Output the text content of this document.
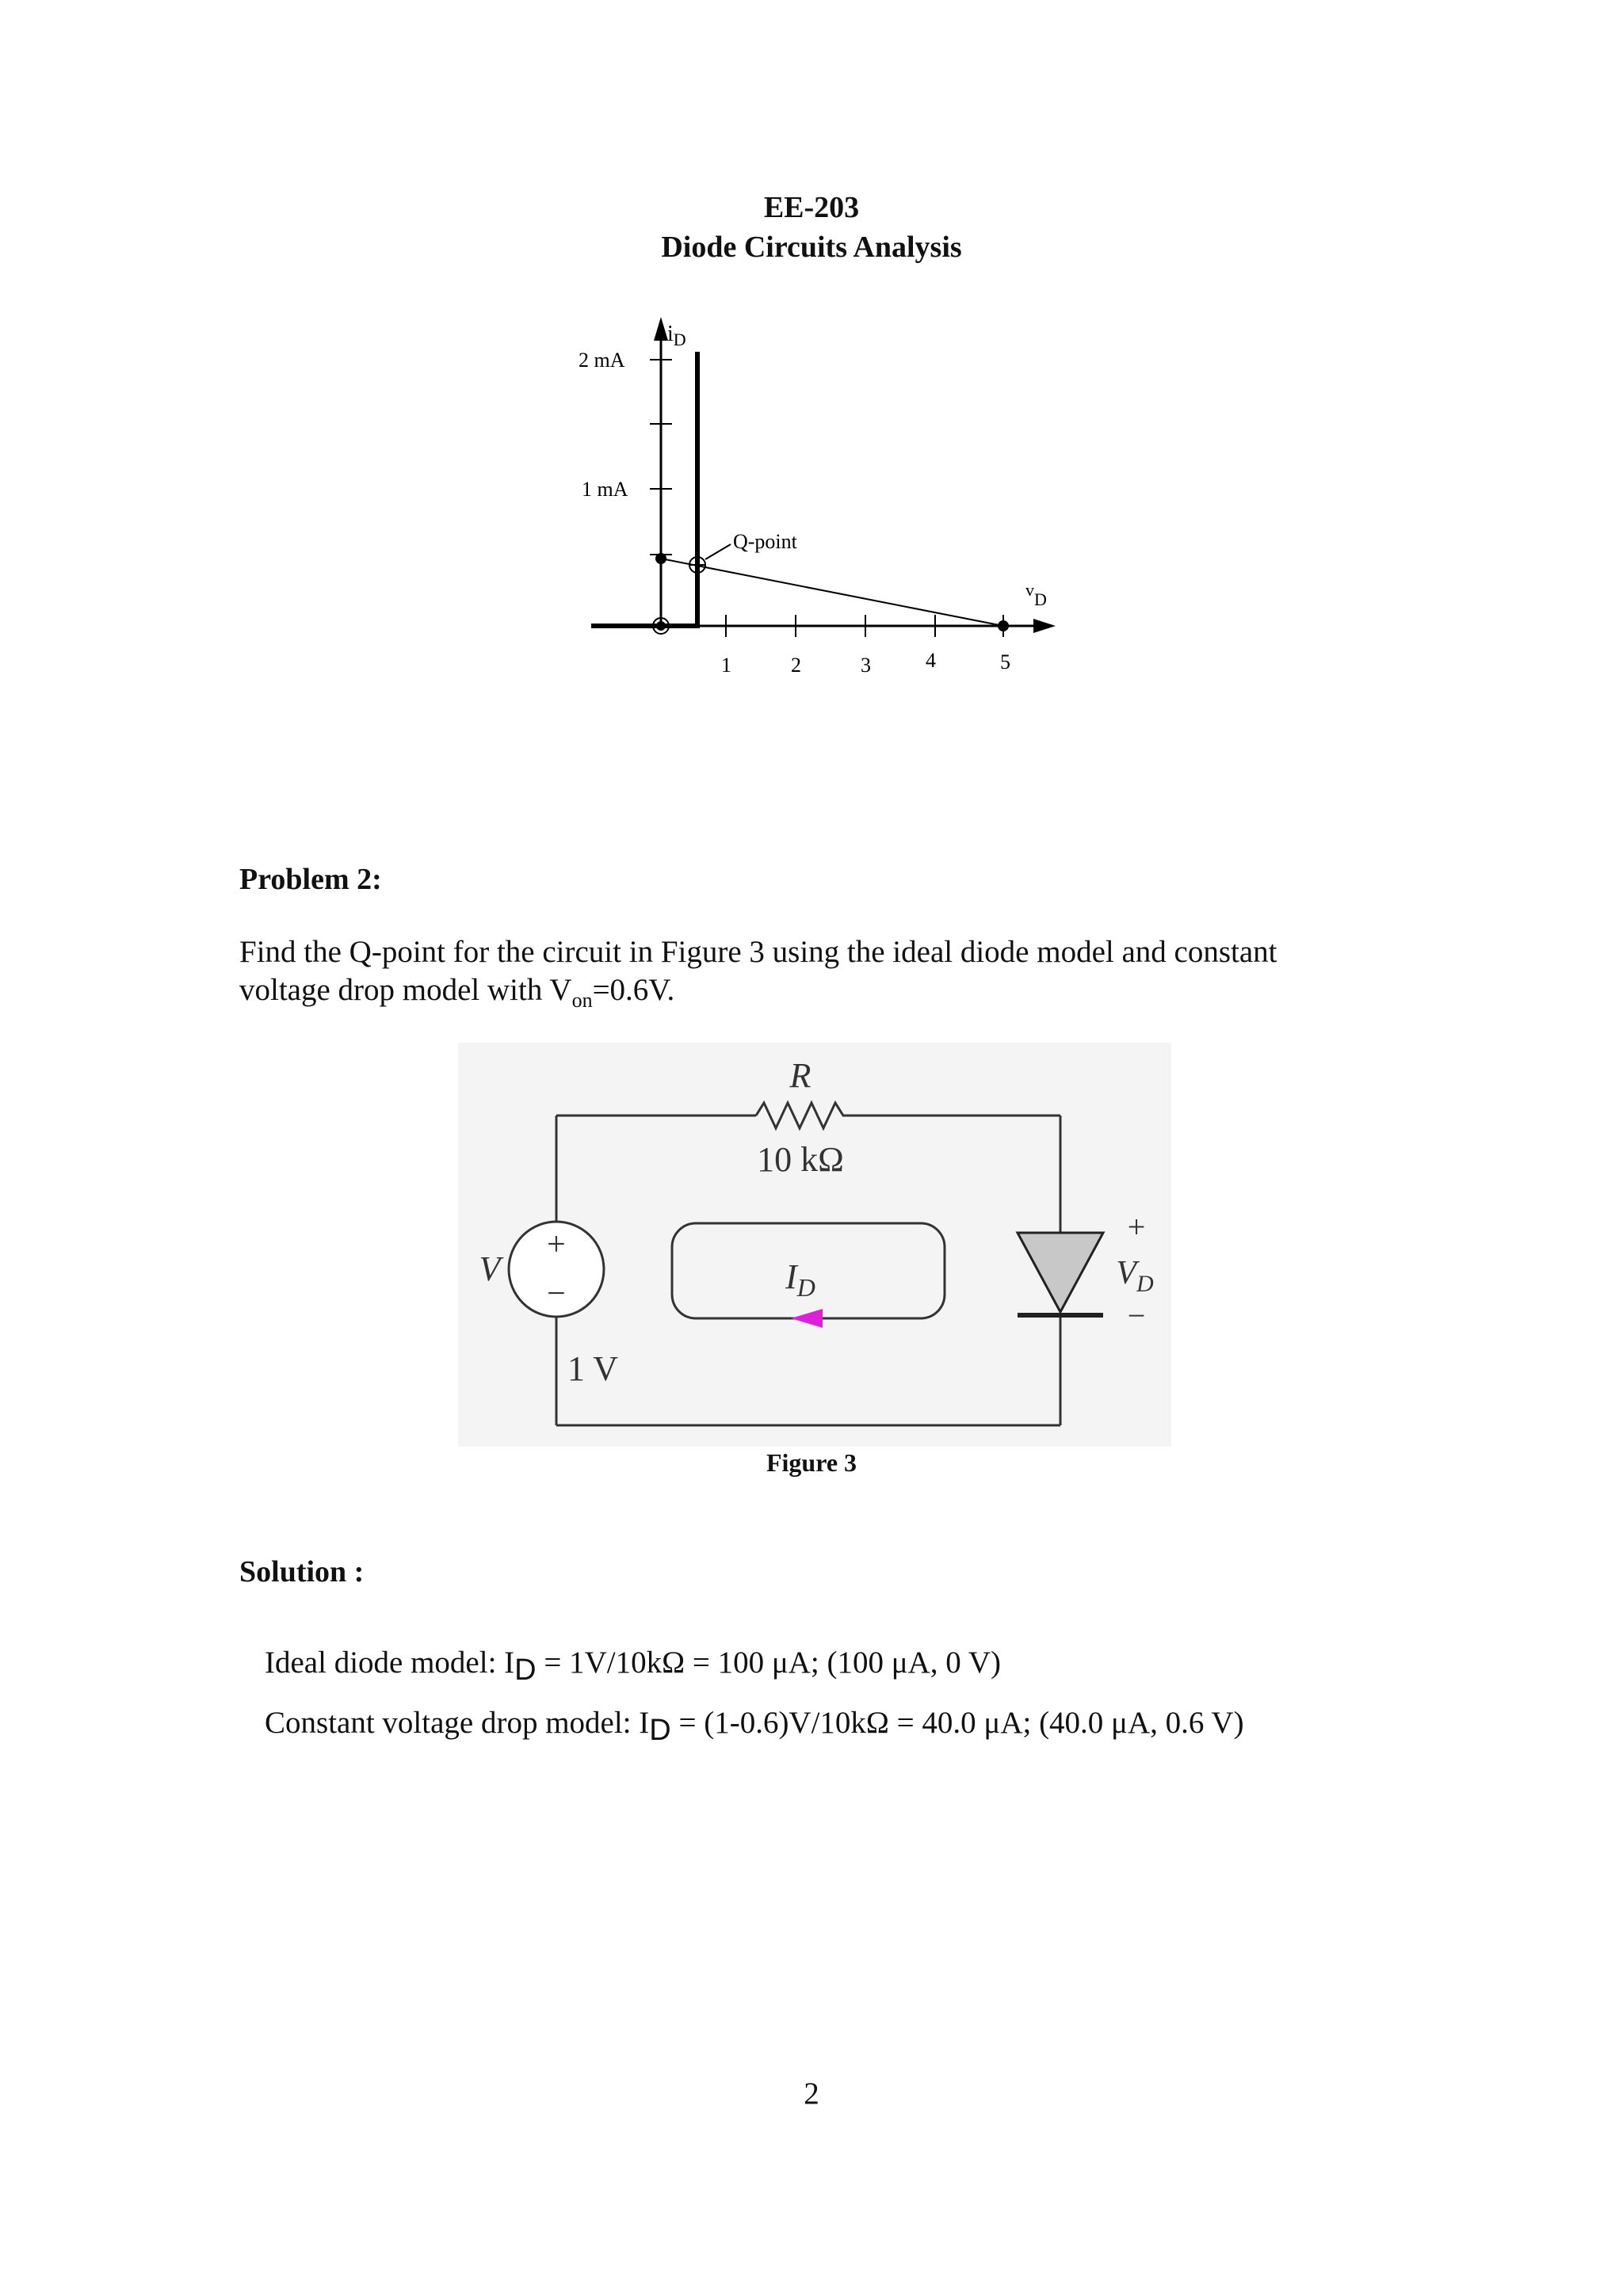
EE-203
Diode Circuits Analysis
Q-point
2 mA
1 mA
$i_D$
vD
1	2	3	4	5
Problem 2:
Find the Q-point for the circuit in Figure 3 using the ideal diode model and constant
voltage drop model with $V_{on}=0.6V$.
R
10 kΩ
+
−
V
1 V
$I_D$
+
−
$V_D$
Figure 3
Solution :
Ideal diode model: $I_D = 1V/10k\Omega = 100$ μA; (100 μA, 0 V)
Constant voltage drop model: $I_D = (1-0.6)V/10k\Omega = 40.0$ μA; (40.0 μA, 0.6 V)
2
